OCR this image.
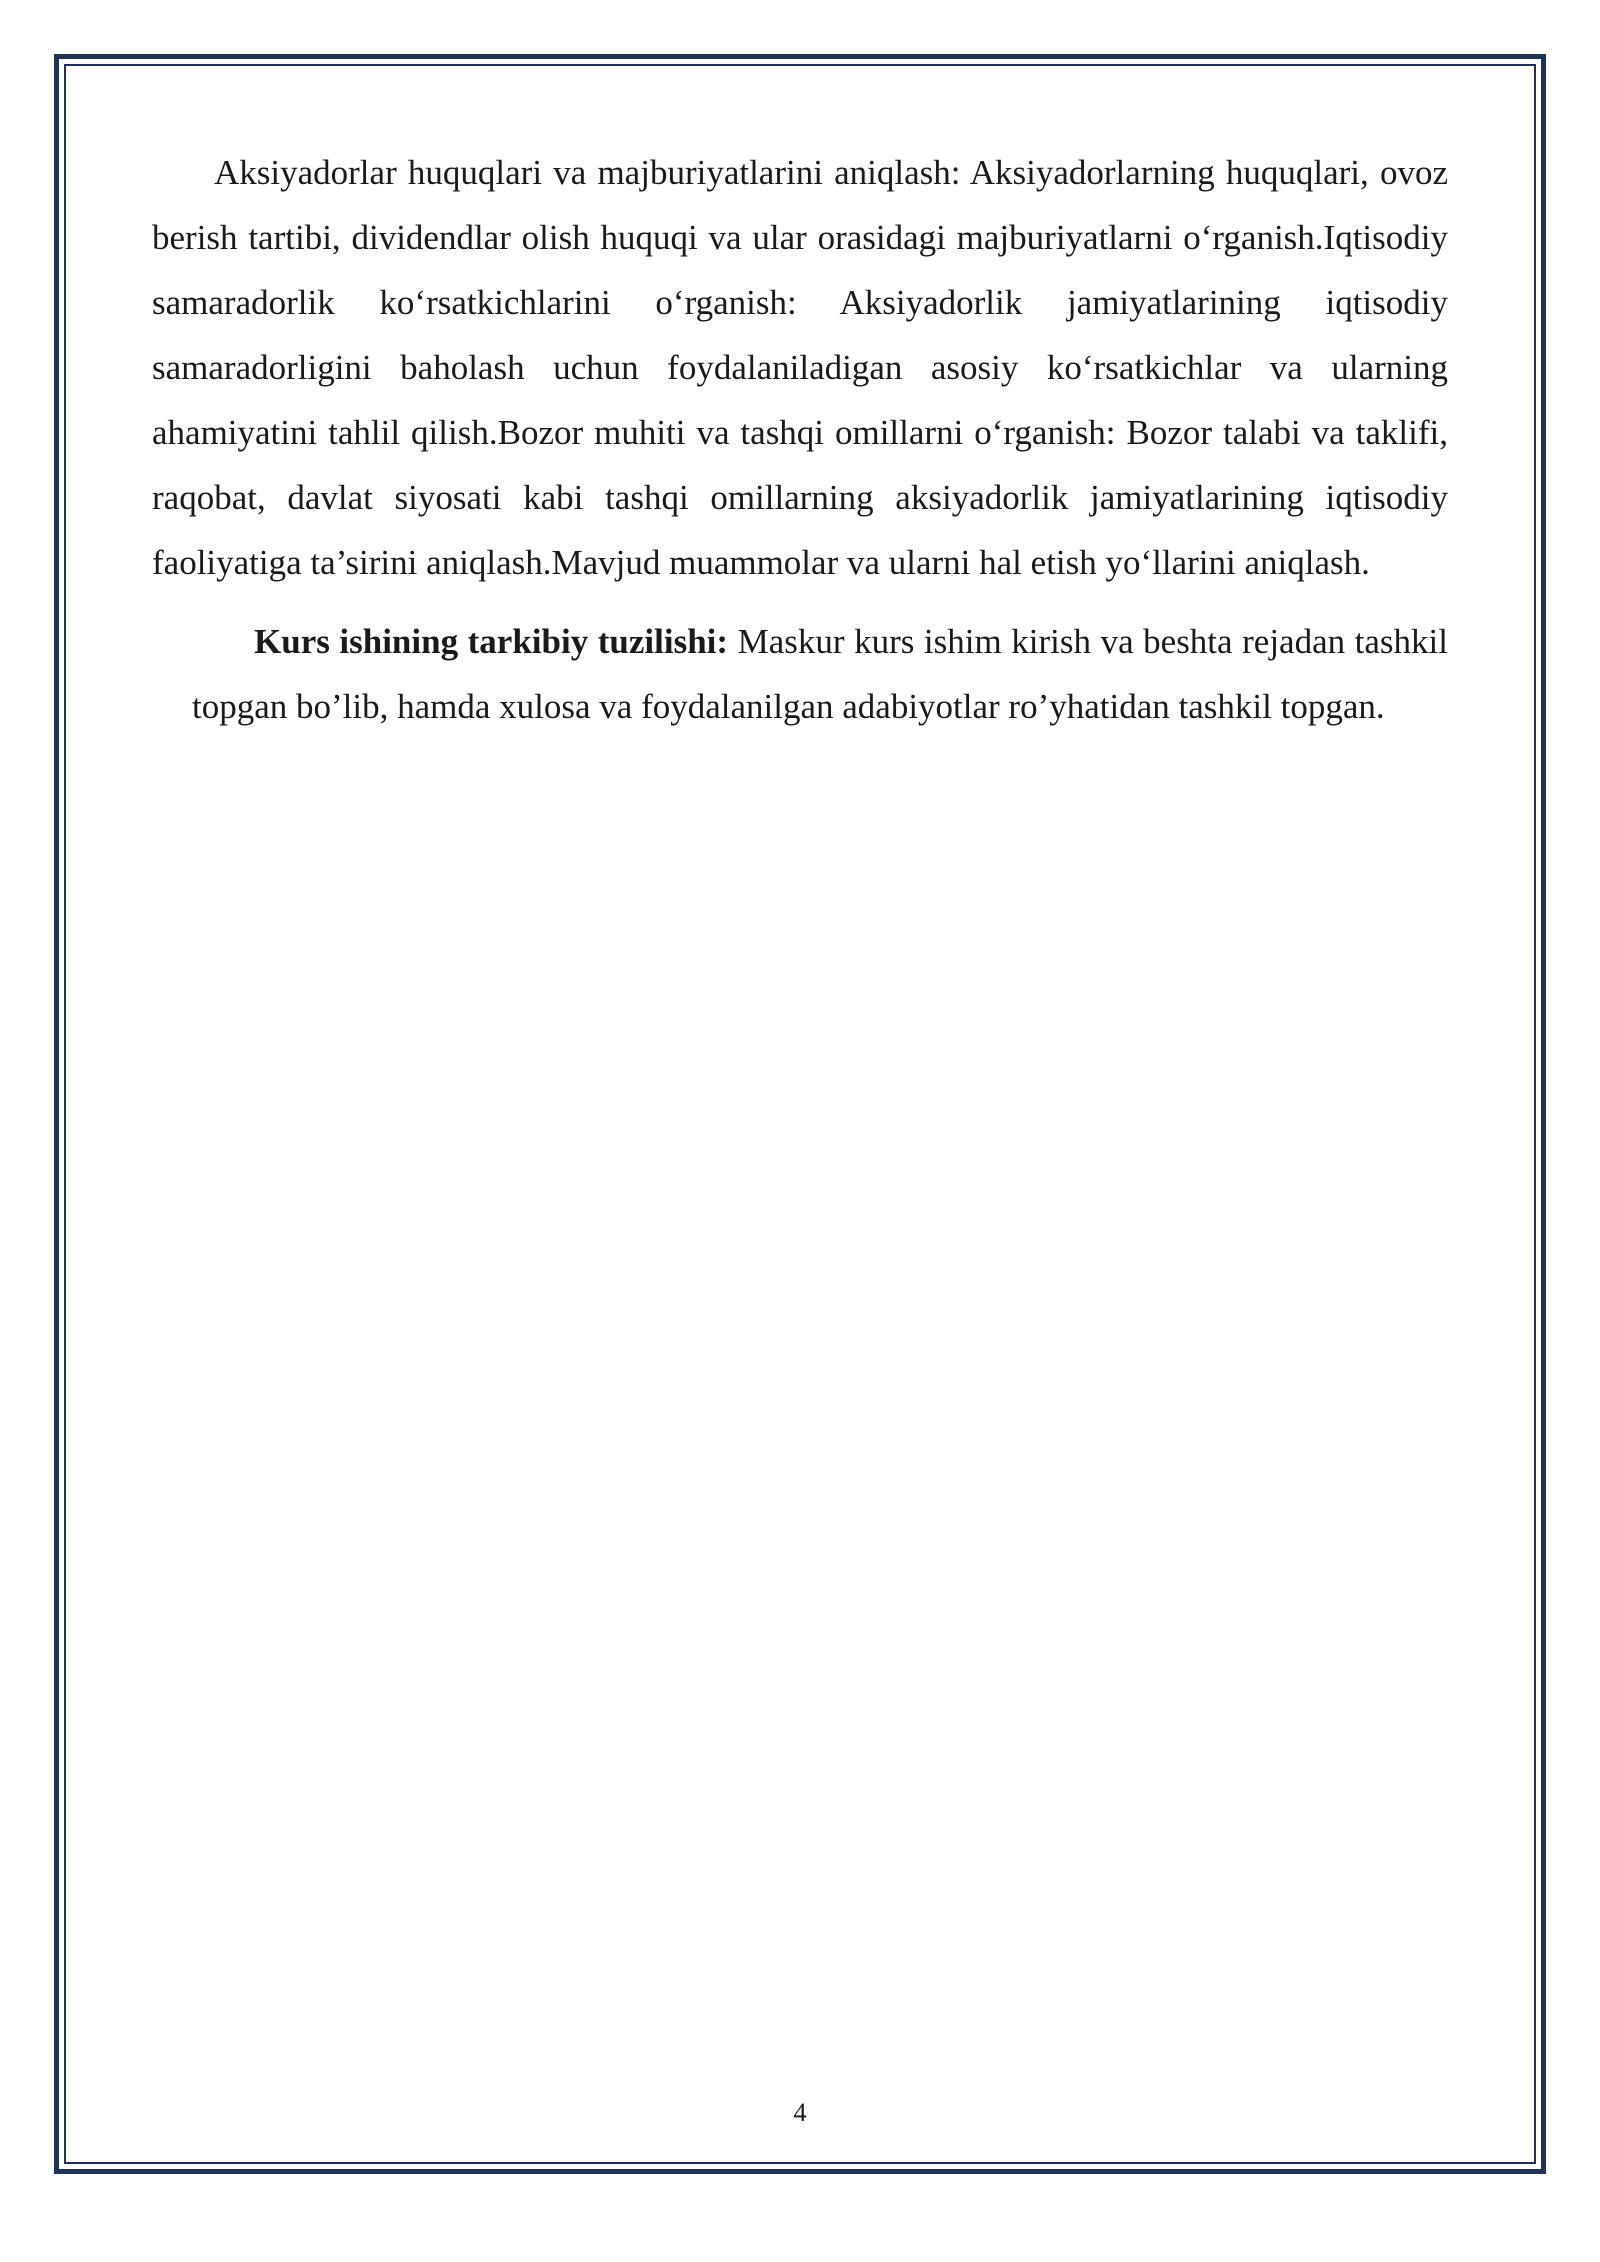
Aksiyadorlar huquqlari va majburiyatlarini aniqlash: Aksiyadorlarning huquqlari, ovoz berish tartibi, dividendlar olish huquqi va ular orasidagi majburiyatlarni o‘rganish.Iqtisodiy samaradorlik ko‘rsatkichlarini o‘rganish: Aksiyadorlik jamiyatlarining iqtisodiy samaradorligini baholash uchun foydalaniladigan asosiy ko‘rsatkichlar va ularning ahamiyatini tahlil qilish.Bozor muhiti va tashqi omillarni o‘rganish: Bozor talabi va taklifi, raqobat, davlat siyosati kabi tashqi omillarning aksiyadorlik jamiyatlarining iqtisodiy faoliyatiga ta’sirini aniqlash.Mavjud muammolar va ularni hal etish yo‘llarini aniqlash.

Kurs ishining tarkibiy tuzilishi: Maskur kurs ishim kirish va beshta rejadan tashkil topgan bo’lib, hamda xulosa va foydalanilgan adabiyotlar ro’yhatidan tashkil topgan.

4
